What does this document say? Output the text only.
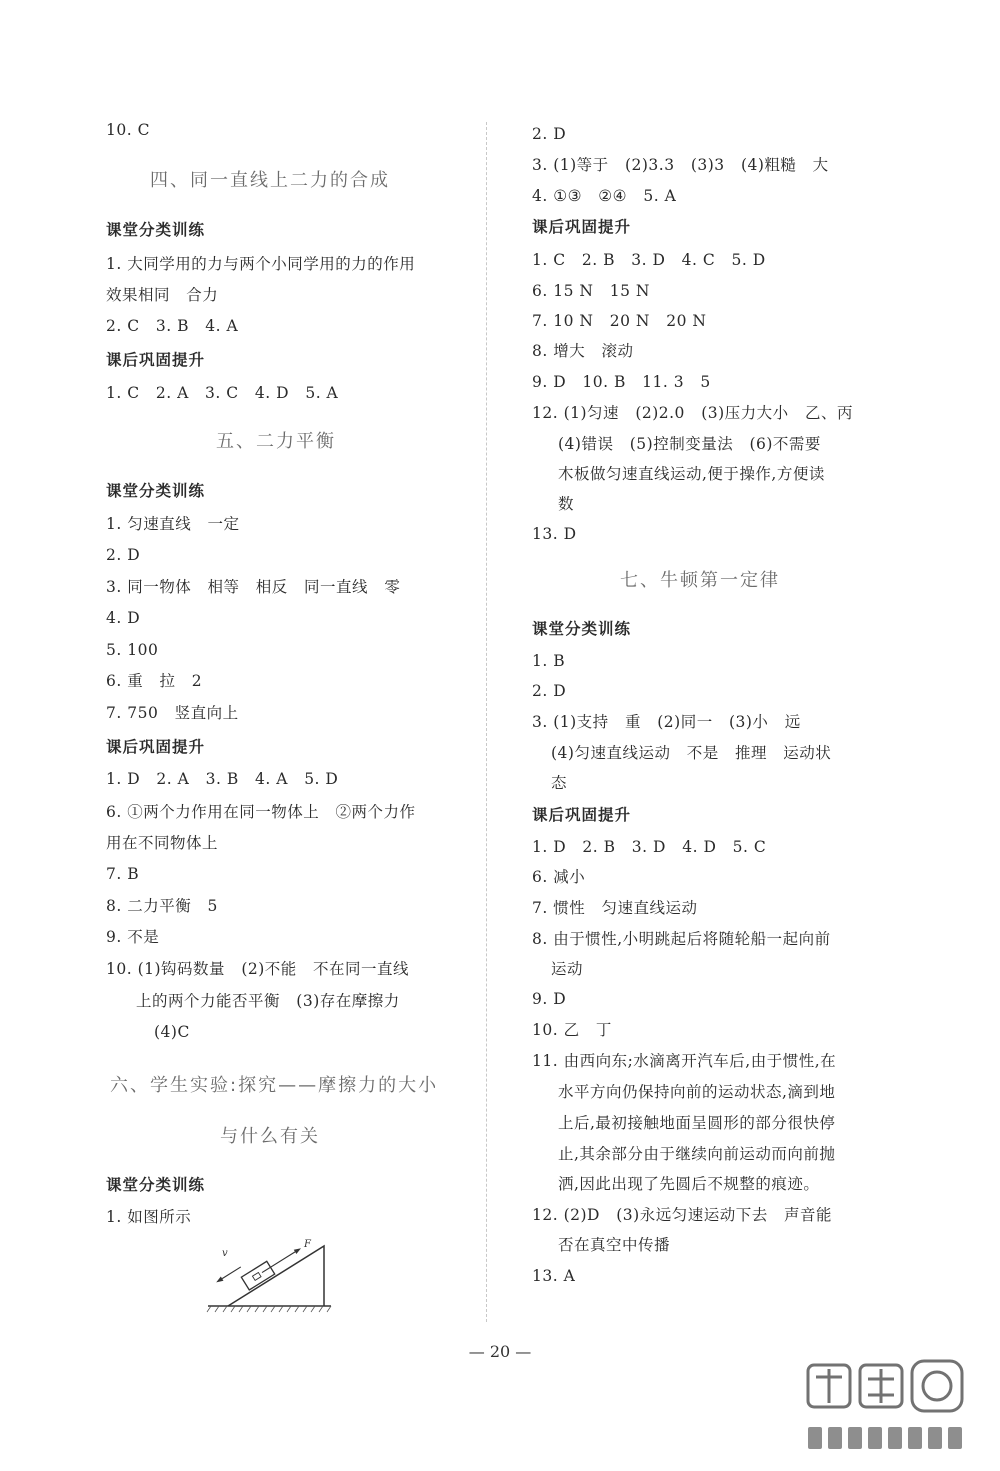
10. C
四、同一直线上二力的合成
课堂分类训练
1. 大同学用的力与两个小同学用的力的作用
效果相同   合力
2. C   3. B   4. A
课后巩固提升
1. C   2. A   3. C   4. D   5. A
五、二力平衡
课堂分类训练
1. 匀速直线   一定
2. D
3. 同一物体   相等   相反   同一直线   零
4. D
5. 100
6. 重   拉   2
7. 750   竖直向上
课后巩固提升
1. D   2. A   3. B   4. A   5. D
6. ①两个力作用在同一物体上   ②两个力作
用在不同物体上
7. B
8. 二力平衡   5
9. 不是
10. (1)钩码数量   (2)不能   不在同一直线
上的两个力能否平衡   (3)存在摩擦力
(4)C
六、学生实验:探究——摩擦力的大小
与什么有关
课堂分类训练
1. 如图所示
v
F
2. D
3. (1)等于   (2)3.3   (3)3   (4)粗糙   大
4. ①③   ②④   5. A
课后巩固提升
1. C   2. B   3. D   4. C   5. D
6. 15 N   15 N
7. 10 N   20 N   20 N
8. 增大   滚动
9. D   10. B   11. 3   5
12. (1)匀速   (2)2.0   (3)压力大小   乙、丙
(4)错误   (5)控制变量法   (6)不需要
木板做匀速直线运动,便于操作,方便读
数
13. D
七、牛顿第一定律
课堂分类训练
1. B
2. D
3. (1)支持   重   (2)同一   (3)小   远
(4)匀速直线运动   不是   推理   运动状
态
课后巩固提升
1. D   2. B   3. D   4. D   5. C
6. 减小
7. 惯性   匀速直线运动
8. 由于惯性,小明跳起后将随轮船一起向前
运动
9. D
10. 乙   丁
11. 由西向东;水滴离开汽车后,由于惯性,在
水平方向仍保持向前的运动状态,滴到地
上后,最初接触地面呈圆形的部分很快停
止,其余部分由于继续向前运动而向前抛
洒,因此出现了先圆后不规整的痕迹。
12. (2)D   (3)永远匀速运动下去   声音能
否在真空中传播
13. A
— 20 —
